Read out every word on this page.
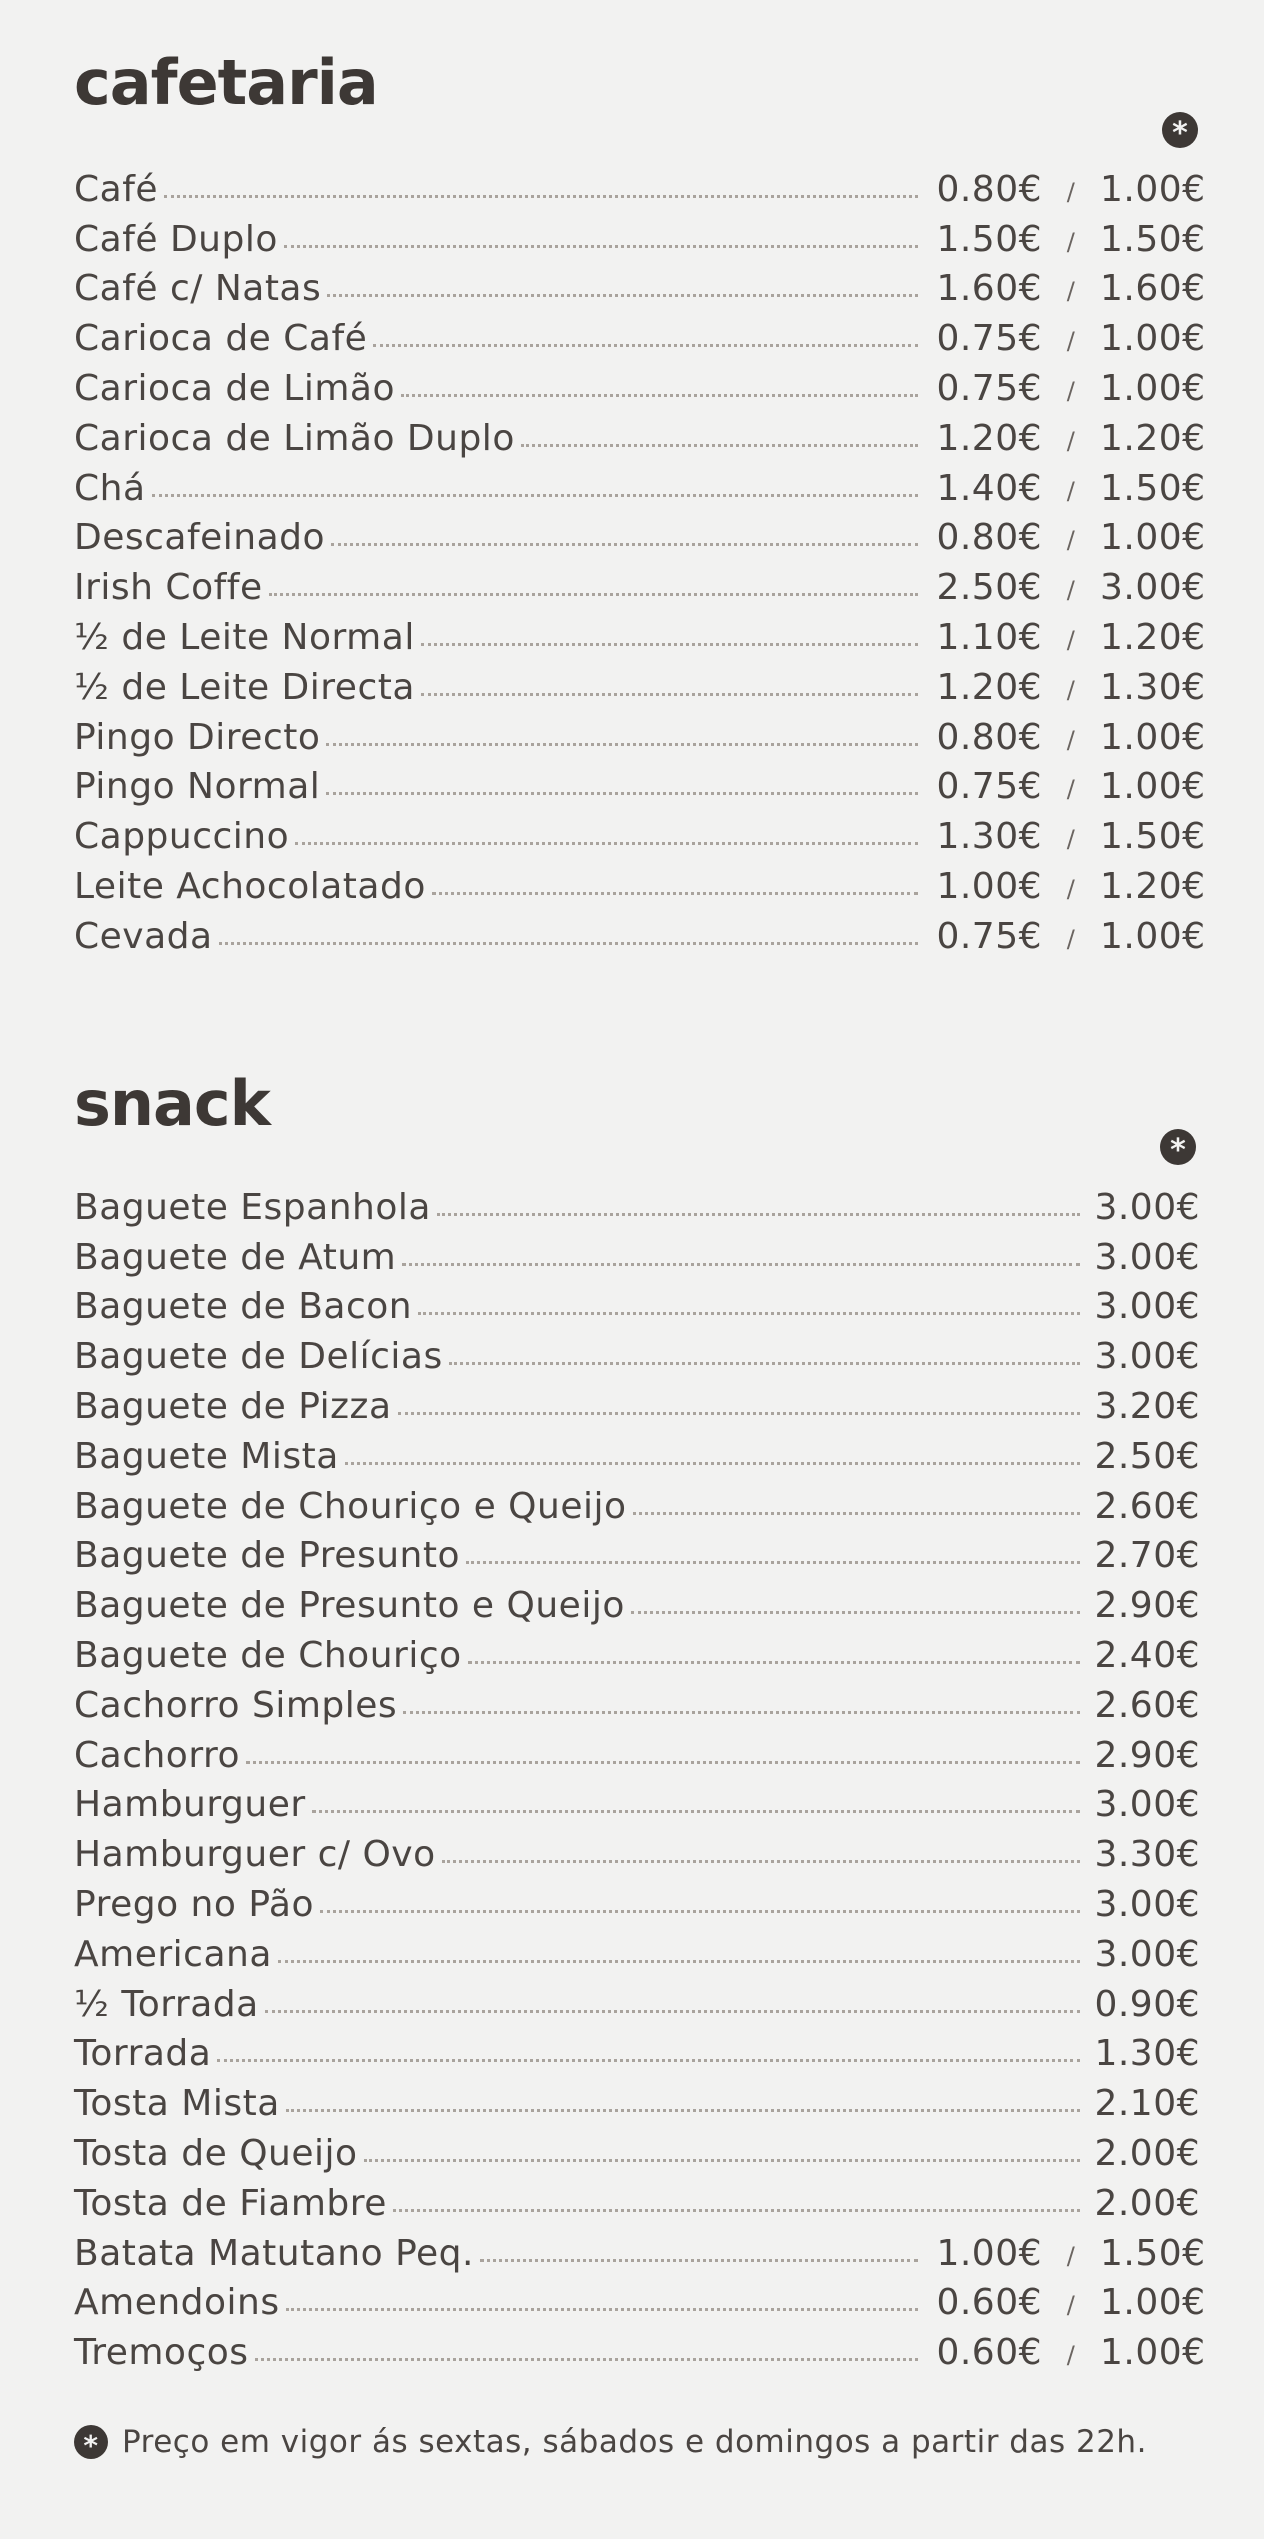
cafetaria
*
Café	0.80€	/ 1.00€
Café Duplo	1.50€	/ 1.50€
Café c/ Natas	1.60€	/ 1.60€
Carioca de Café	0.75€	/ 1.00€
Carioca de Limão	0.75€	/ 1.00€
Carioca de Limão Duplo	1.20€	/ 1.20€
Chá	1.40€	/ 1.50€
Descafeinado	0.80€	/ 1.00€
Irish Coffe	2.50€	/ 3.00€
½ de Leite Normal	1.10€	/ 1.20€
½ de Leite Directa	1.20€	/ 1.30€
Pingo Directo	0.80€	/ 1.00€
Pingo Normal	0.75€	/ 1.00€
Cappuccino	1.30€	/ 1.50€
Leite Achocolatado	1.00€	/ 1.20€
Cevada	0.75€	/ 1.00€
snack
*
Baguete Espanhola	3.00€
Baguete de Atum	3.00€
Baguete de Bacon	3.00€
Baguete de Delícias	3.00€
Baguete de Pizza	3.20€
Baguete Mista	2.50€
Baguete de Chouriço e Queijo	2.60€
Baguete de Presunto	2.70€
Baguete de Presunto e Queijo	2.90€
Baguete de Chouriço	2.40€
Cachorro Simples	2.60€
Cachorro	2.90€
Hamburguer	3.00€
Hamburguer c/ Ovo	3.30€
Prego no Pão	3.00€
Americana	3.00€
½ Torrada	0.90€
Torrada	1.30€
Tosta Mista	2.10€
Tosta de Queijo	2.00€
Tosta de Fiambre	2.00€
Batata Matutano Peq.	1.00€	/ 1.50€
Amendoins	0.60€	/ 1.00€
Tremoços	0.60€	/ 1.00€
* Preço em vigor ás sextas, sábados e domingos a partir das 22h.
